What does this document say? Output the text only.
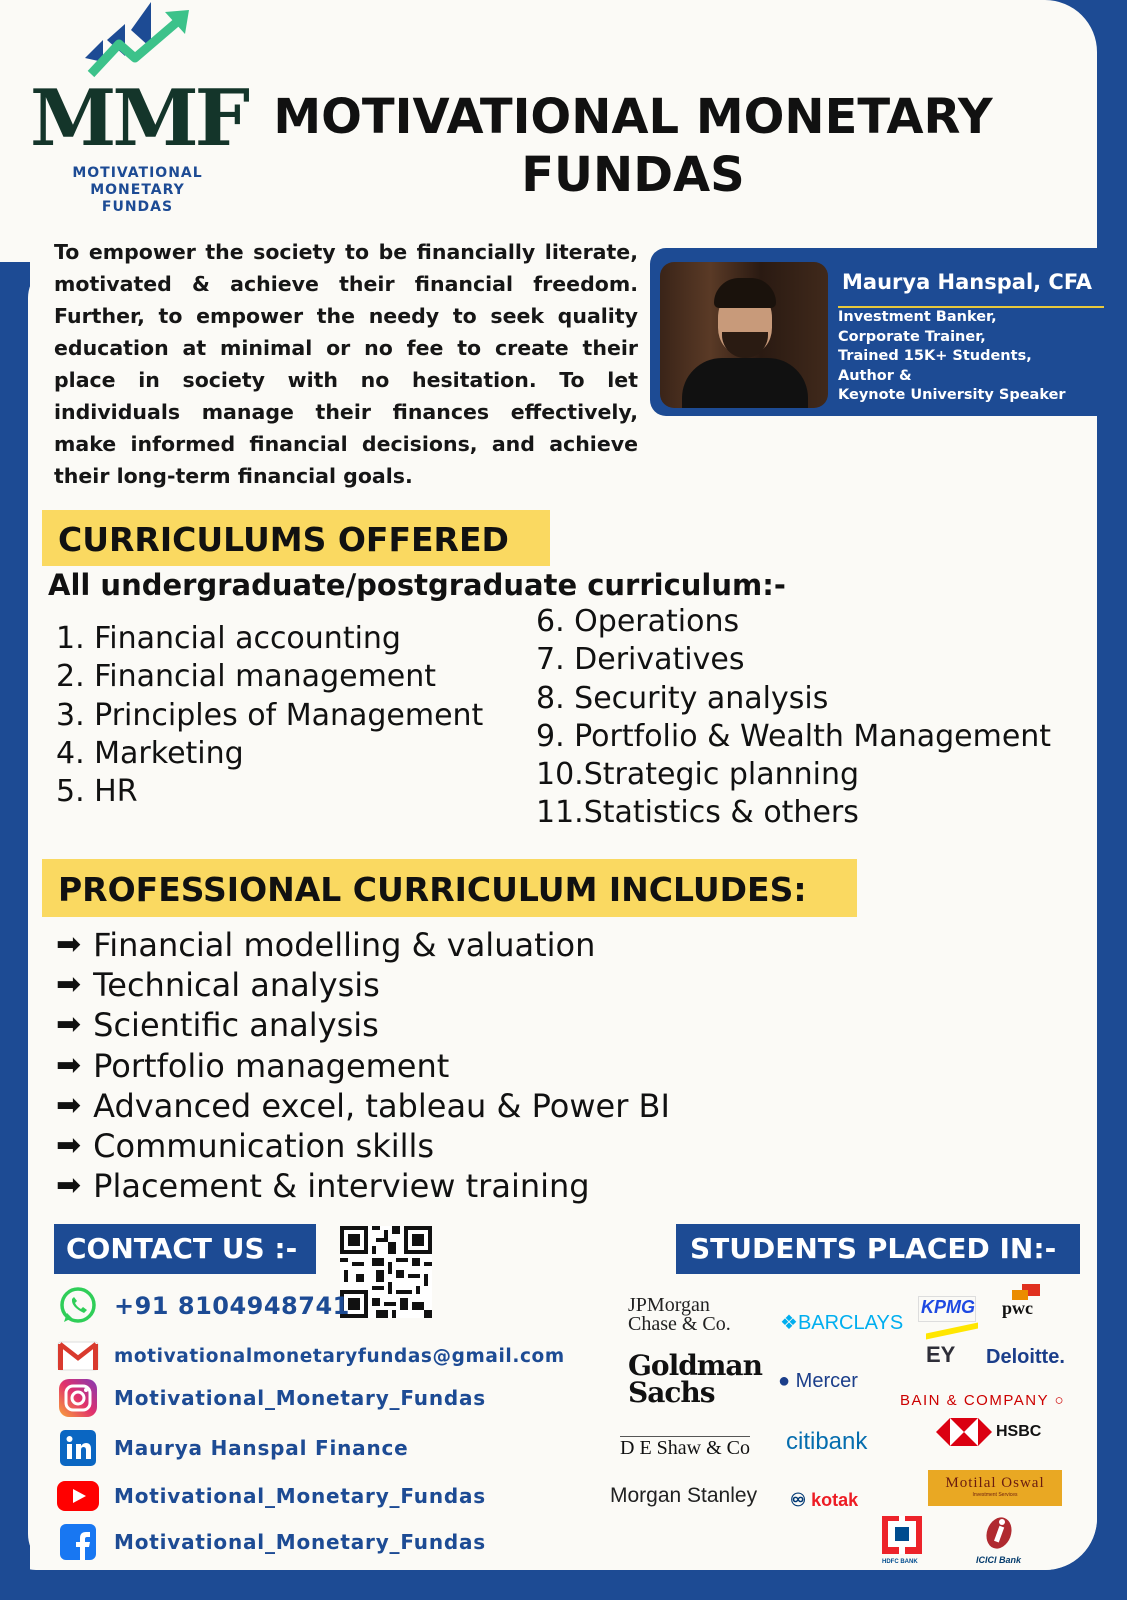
MMF
MOTIVATIONAL
MONETARY
FUNDAS
MOTIVATIONAL MONETARY
FUNDAS
To empower the society to be financially literate, motivated & achieve their financial freedom. Further, to empower the needy to seek quality education at minimal or no fee to create their place in society with no hesitation. To let individuals manage their finances effectively, make informed financial decisions, and achieve their long-term financial goals.
Maurya Hanspal, CFA
Investment Banker,
Corporate Trainer,
Trained 15K+ Students,
Author &
Keynote University Speaker
CURRICULUMS OFFERED
All undergraduate/postgraduate curriculum:-
1. Financial accounting
2. Financial management
3. Principles of Management
4. Marketing
5. HR
6. Operations
7. Derivatives
8. Security analysis
9. Portfolio & Wealth Management
10.Strategic planning
11.Statistics & others
PROFESSIONAL CURRICULUM INCLUDES:
➡ Financial modelling & valuation
➡ Technical analysis
➡ Scientific analysis
➡ Portfolio management
➡ Advanced excel, tableau & Power BI
➡ Communication skills
➡ Placement & interview training
CONTACT US :-
+91 8104948741
motivationalmonetaryfundas@gmail.com
Motivational_Monetary_Fundas
Maurya Hanspal Finance
Motivational_Monetary_Fundas
Motivational_Monetary_Fundas
STUDENTS PLACED IN:-
JPMorgan
Chase & Co. ❖BARCLAYS
KPMG pwc
Goldman
Sachs	● Mercer
EY Deloitte.
BAIN & COMPANY ○
D E Shaw & Co citibank	HSBC
Morgan Stanley ♾ kotak
Motilal Oswal
Investment Services
HDFC BANK	ICICI Bank
